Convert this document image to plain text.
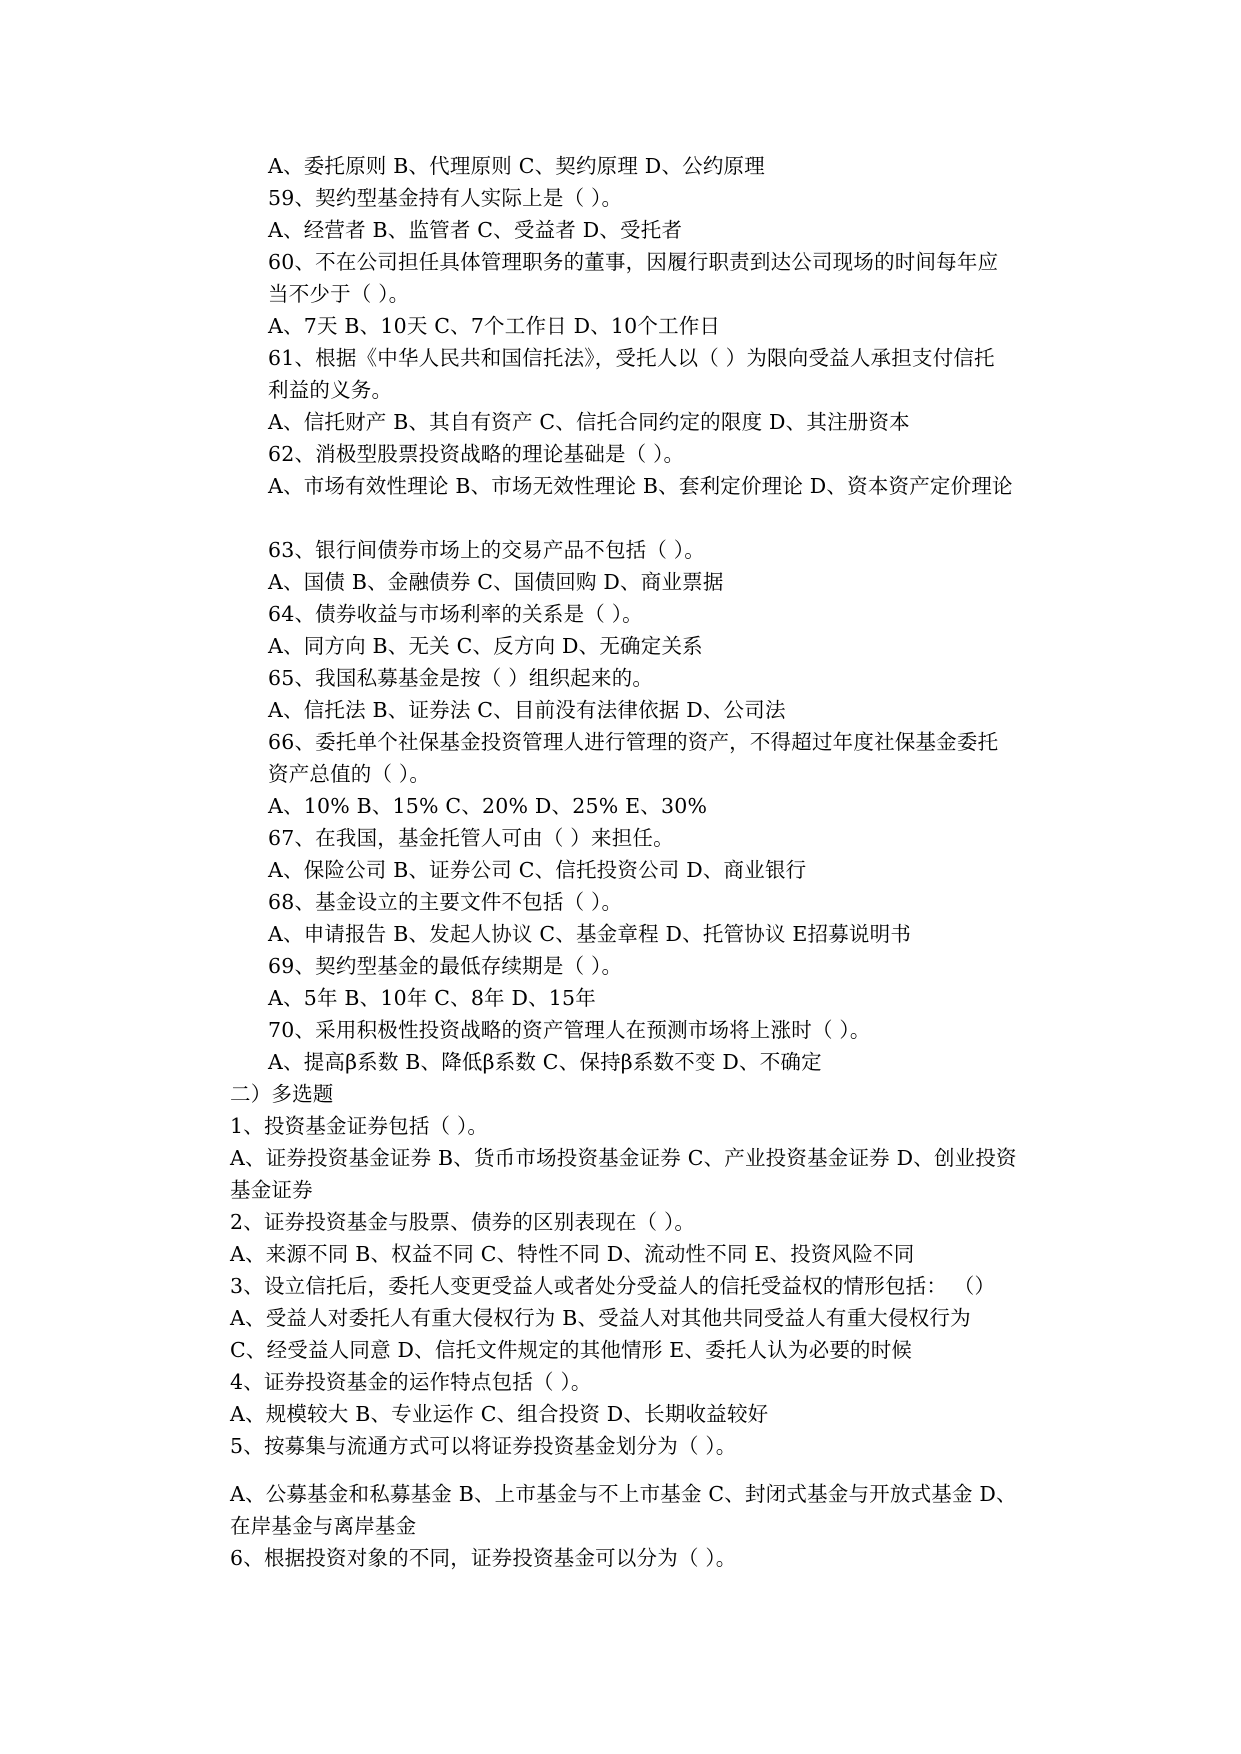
A、委托原则 B、代理原则 C、契约原理 D、公约原理
59、契约型基金持有人实际上是（ ）。
A、经营者 B、监管者 C、受益者 D、受托者
60、不在公司担任具体管理职务的董事，因履行职责到达公司现场的时间每年应
当不少于（ ）。
A、7天 B、10天 C、7个工作日 D、10个工作日
61、根据《中华人民共和国信托法》，受托人以（ ）为限向受益人承担支付信托
利益的义务。
A、信托财产 B、其自有资产 C、信托合同约定的限度 D、其注册资本
62、消极型股票投资战略的理论基础是（ ）。
A、市场有效性理论 B、市场无效性理论 B、套利定价理论 D、资本资产定价理论
63、银行间债券市场上的交易产品不包括（ ）。
A、国债 B、金融债券 C、国债回购 D、商业票据
64、债券收益与市场利率的关系是（ ）。
A、同方向 B、无关 C、反方向 D、无确定关系
65、我国私募基金是按（ ）组织起来的。
A、信托法 B、证券法 C、目前没有法律依据 D、公司法
66、委托单个社保基金投资管理人进行管理的资产，不得超过年度社保基金委托
资产总值的（ ）。
A、10% B、15% C、20% D、25% E、30%
67、在我国，基金托管人可由（ ）来担任。
A、保险公司 B、证券公司 C、信托投资公司 D、商业银行
68、基金设立的主要文件不包括（ ）。
A、申请报告 B、发起人协议 C、基金章程 D、托管协议 E招募说明书
69、契约型基金的最低存续期是（ ）。
A、5年 B、10年 C、8年 D、15年
70、采用积极性投资战略的资产管理人在预测市场将上涨时（ ）。
A、提高β系数 B、降低β系数 C、保持β系数不变 D、不确定
二）多选题
1、投资基金证券包括（ ）。
A、证券投资基金证券 B、货币市场投资基金证券 C、产业投资基金证券 D、创业投资
基金证券
2、证券投资基金与股票、债券的区别表现在（ ）。
A、来源不同 B、权益不同 C、特性不同 D、流动性不同 E、投资风险不同
3、设立信托后，委托人变更受益人或者处分受益人的信托受益权的情形包括： （）
A、受益人对委托人有重大侵权行为 B、受益人对其他共同受益人有重大侵权行为
C、经受益人同意 D、信托文件规定的其他情形 E、委托人认为必要的时候
4、证券投资基金的运作特点包括（ ）。
A、规模较大 B、专业运作 C、组合投资 D、长期收益较好
5、按募集与流通方式可以将证券投资基金划分为（ ）。
A、公募基金和私募基金 B、上市基金与不上市基金 C、封闭式基金与开放式基金 D、
在岸基金与离岸基金
6、根据投资对象的不同，证券投资基金可以分为（ ）。
